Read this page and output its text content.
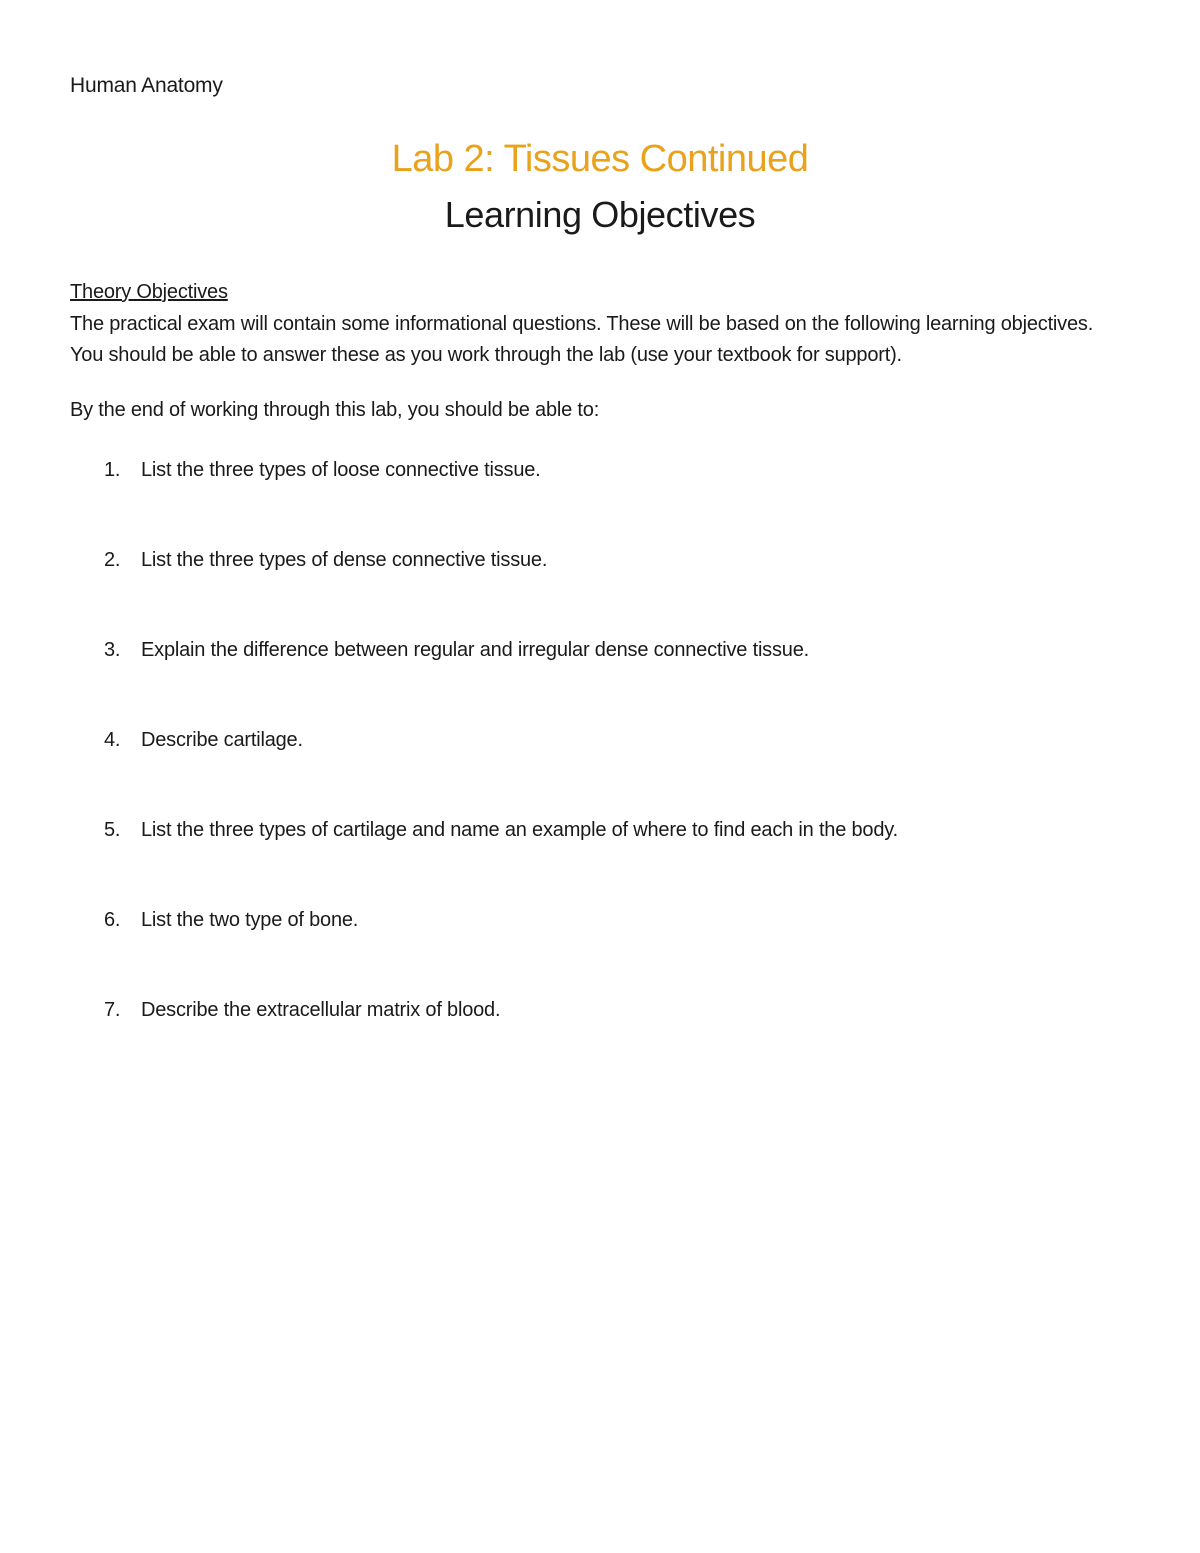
Human Anatomy
Lab 2: Tissues Continued
Learning Objectives
Theory Objectives

The practical exam will contain some informational questions. These will be based on the following learning objectives. You should be able to answer these as you work through the lab (use your textbook for support).

By the end of working through this lab, you should be able to:
1. List the three types of loose connective tissue.
2. List the three types of dense connective tissue.
3. Explain the difference between regular and irregular dense connective tissue.
4. Describe cartilage.
5. List the three types of cartilage and name an example of where to find each in the body.
6. List the two type of bone.
7. Describe the extracellular matrix of blood.
